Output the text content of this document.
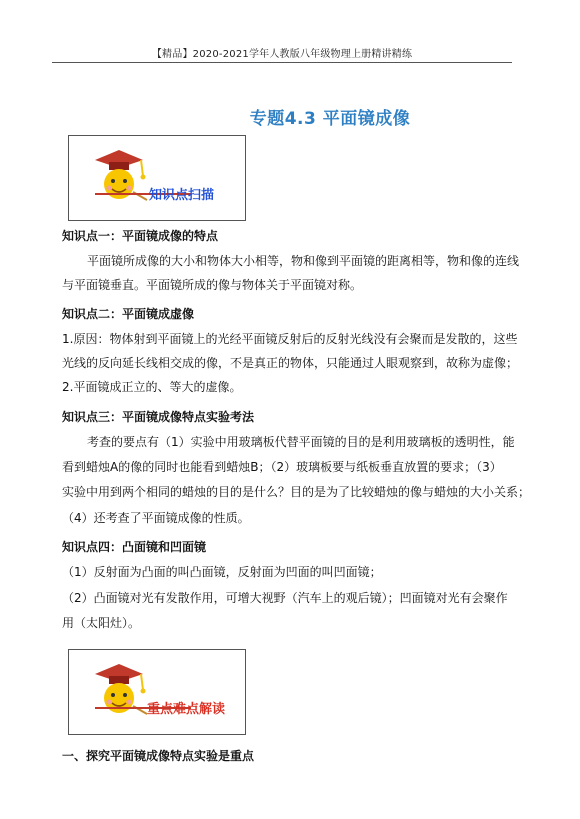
【精品】2020-2021学年人教版八年级物理上册精讲精练
专题4.3 平面镜成像
知识点扫描
知识点一：平面镜成像的特点
平面镜所成像的大小和物体大小相等，物和像到平面镜的距离相等，物和像的连线
与平面镜垂直。平面镜所成的像与物体关于平面镜对称。
知识点二：平面镜成虚像
1.原因：物体射到平面镜上的光经平面镜反射后的反射光线没有会聚而是发散的，这些
光线的反向延长线相交成的像，不是真正的物体，只能通过人眼观察到，故称为虚像；
2.平面镜成正立的、等大的虚像。
知识点三：平面镜成像特点实验考法
考查的要点有（1）实验中用玻璃板代替平面镜的目的是利用玻璃板的透明性，能
看到蜡烛A的像的同时也能看到蜡烛B；（2）玻璃板要与纸板垂直放置的要求；（3）
实验中用到两个相同的蜡烛的目的是什么？目的是为了比较蜡烛的像与蜡烛的大小关系；
（4）还考查了平面镜成像的性质。
知识点四：凸面镜和凹面镜
（1）反射面为凸面的叫凸面镜，反射面为凹面的叫凹面镜；
（2）凸面镜对光有发散作用，可增大视野（汽车上的观后镜）；凹面镜对光有会聚作
用（太阳灶）。
重点难点解读
一、探究平面镜成像特点实验是重点
